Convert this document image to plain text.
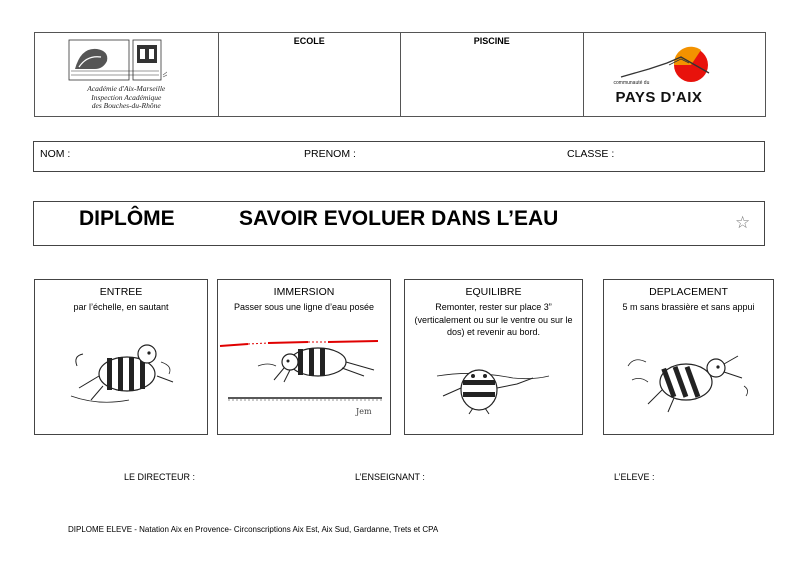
Académie d'Aix-Marseille
Inspection Académique
des Bouches-du-Rhône
ECOLE	PISCINE
communauté du
PAYS D'AIX
NOM :	PRENOM :	CLASSE :
DIPLÔME	SAVOIR EVOLUER DANS L’EAU	☆
ENTREE
par l’échelle, en sautant
IMMERSION
Passer sous une ligne d’eau posée
Jem
EQUILIBRE
Remonter, rester sur place 3” (verticalement ou sur le ventre ou sur le dos) et revenir au bord.
DEPLACEMENT
5 m sans brassière et sans appui
LE DIRECTEUR :	L’ENSEIGNANT :	L’ELEVE :
DIPLOME ELEVE - Natation Aix en Provence- Circonscriptions Aix Est, Aix Sud, Gardanne, Trets et CPA
